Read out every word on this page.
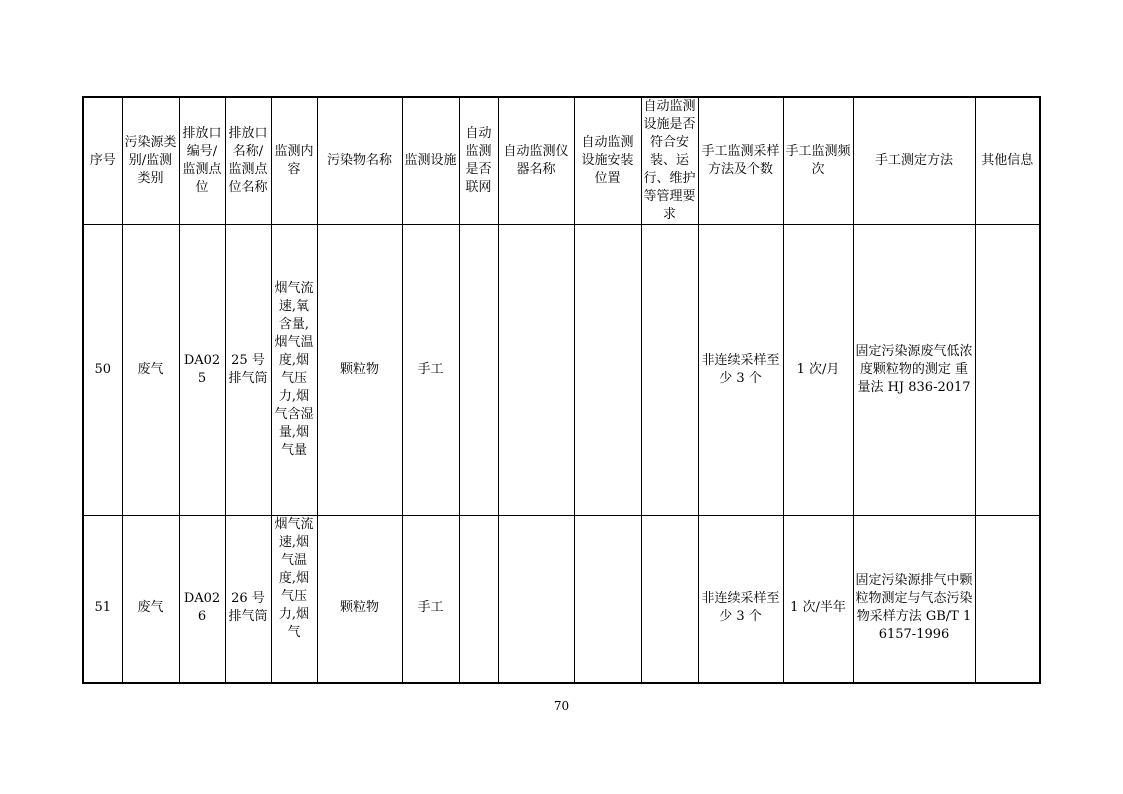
序号	污染源类别/监测类别	排放口编号/监测点位	排放口名称/监测点位名称	监测内容	污染物名称	监测设施	自动监测是否联网	自动监测仪器名称	自动监测设施安装位置	自动监测设施是否符合安装、运行、维护等管理要求	手工监测采样方法及个数	手工监测频次	手工测定方法	其他信息
50	废气	DA025	25 号排气筒	烟气流速,氧含量,烟气温度,烟气压力,烟气含湿量,烟气量	颗粒物	手工					非连续采样至少 3 个	1 次/月	固定污染源废气低浓度颗粒物的测定 重量法 HJ 836-2017	

51	废气	DA026	26 号排气筒	烟气流速,烟气温度,烟气压力,烟气	颗粒物	手工					非连续采样至少 3 个	1 次/半年	固定污染源排气中颗粒物测定与气态污染物采样方法 GB/T 16157-1996	

70
